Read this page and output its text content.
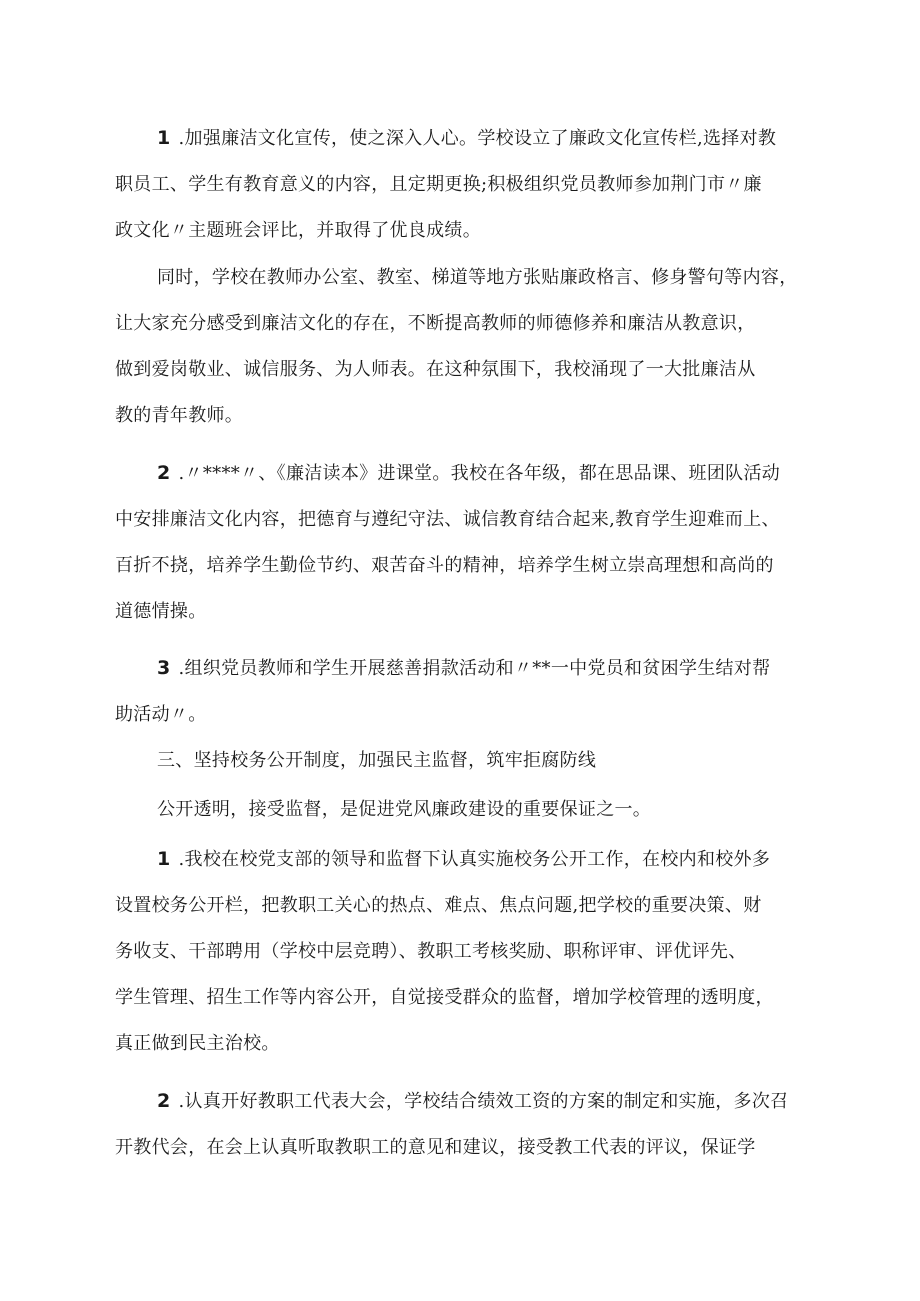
1 .加强廉洁文化宣传，使之深入人心。学校设立了廉政文化宣传栏,选择对教
职员工、学生有教育意义的内容，且定期更换;积极组织党员教师参加荆门市〃廉
政文化〃主题班会评比，并取得了优良成绩。
同时，学校在教师办公室、教室、梯道等地方张贴廉政格言、修身警句等内容，
让大家充分感受到廉洁文化的存在，不断提高教师的师德修养和廉洁从教意识，
做到爱岗敬业、诚信服务、为人师表。在这种氛围下，我校涌现了一大批廉洁从
教的青年教师。
2 .〃****〃、《廉洁读本》进课堂。我校在各年级，都在思品课、班团队活动
中安排廉洁文化内容，把德育与遵纪守法、诚信教育结合起来,教育学生迎难而上、
百折不挠，培养学生勤俭节约、艰苦奋斗的精神，培养学生树立崇高理想和高尚的
道德情操。
3 .组织党员教师和学生开展慈善捐款活动和〃**一中党员和贫困学生结对帮
助活动〃。
三、坚持校务公开制度，加强民主监督，筑牢拒腐防线
公开透明，接受监督，是促进党风廉政建设的重要保证之一。
1 .我校在校党支部的领导和监督下认真实施校务公开工作，在校内和校外多
设置校务公开栏，把教职工关心的热点、难点、焦点问题,把学校的重要决策、财
务收支、干部聘用（学校中层竞聘）、教职工考核奖励、职称评审、评优评先、
学生管理、招生工作等内容公开，自觉接受群众的监督，增加学校管理的透明度，
真正做到民主治校。
2 .认真开好教职工代表大会，学校结合绩效工资的方案的制定和实施，多次召
开教代会，在会上认真听取教职工的意见和建议，接受教工代表的评议，保证学
